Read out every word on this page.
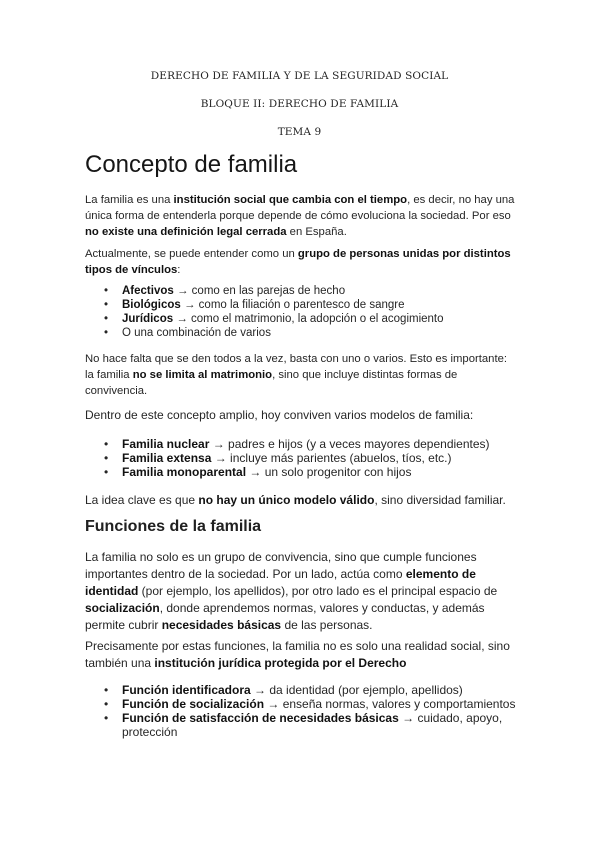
DERECHO DE FAMILIA Y DE LA SEGURIDAD SOCIAL
BLOQUE II: DERECHO DE FAMILIA
TEMA 9
Concepto de familia

La familia es una institución social que cambia con el tiempo, es decir, no hay una única forma de entenderla porque depende de cómo evoluciona la sociedad. Por eso no existe una definición legal cerrada en España.

Actualmente, se puede entender como un grupo de personas unidas por distintos tipos de vínculos:

• Afectivos → como en las parejas de hecho
• Biológicos → como la filiación o parentesco de sangre
• Jurídicos → como el matrimonio, la adopción o el acogimiento
• O una combinación de varios

No hace falta que se den todos a la vez, basta con uno o varios. Esto es importante: la familia no se limita al matrimonio, sino que incluye distintas formas de convivencia.

Dentro de este concepto amplio, hoy conviven varios modelos de familia:

• Familia nuclear → padres e hijos (y a veces mayores dependientes)
• Familia extensa → incluye más parientes (abuelos, tíos, etc.)
• Familia monoparental → un solo progenitor con hijos

La idea clave es que no hay un único modelo válido, sino diversidad familiar.

Funciones de la familia

La familia no solo es un grupo de convivencia, sino que cumple funciones importantes dentro de la sociedad. Por un lado, actúa como elemento de identidad (por ejemplo, los apellidos), por otro lado es el principal espacio de socialización, donde aprendemos normas, valores y conductas, y además permite cubrir necesidades básicas de las personas.

Precisamente por estas funciones, la familia no es solo una realidad social, sino también una institución jurídica protegida por el Derecho

• Función identificadora → da identidad (por ejemplo, apellidos)
• Función de socialización → enseña normas, valores y comportamientos
• Función de satisfacción de necesidades básicas → cuidado, apoyo, protección
